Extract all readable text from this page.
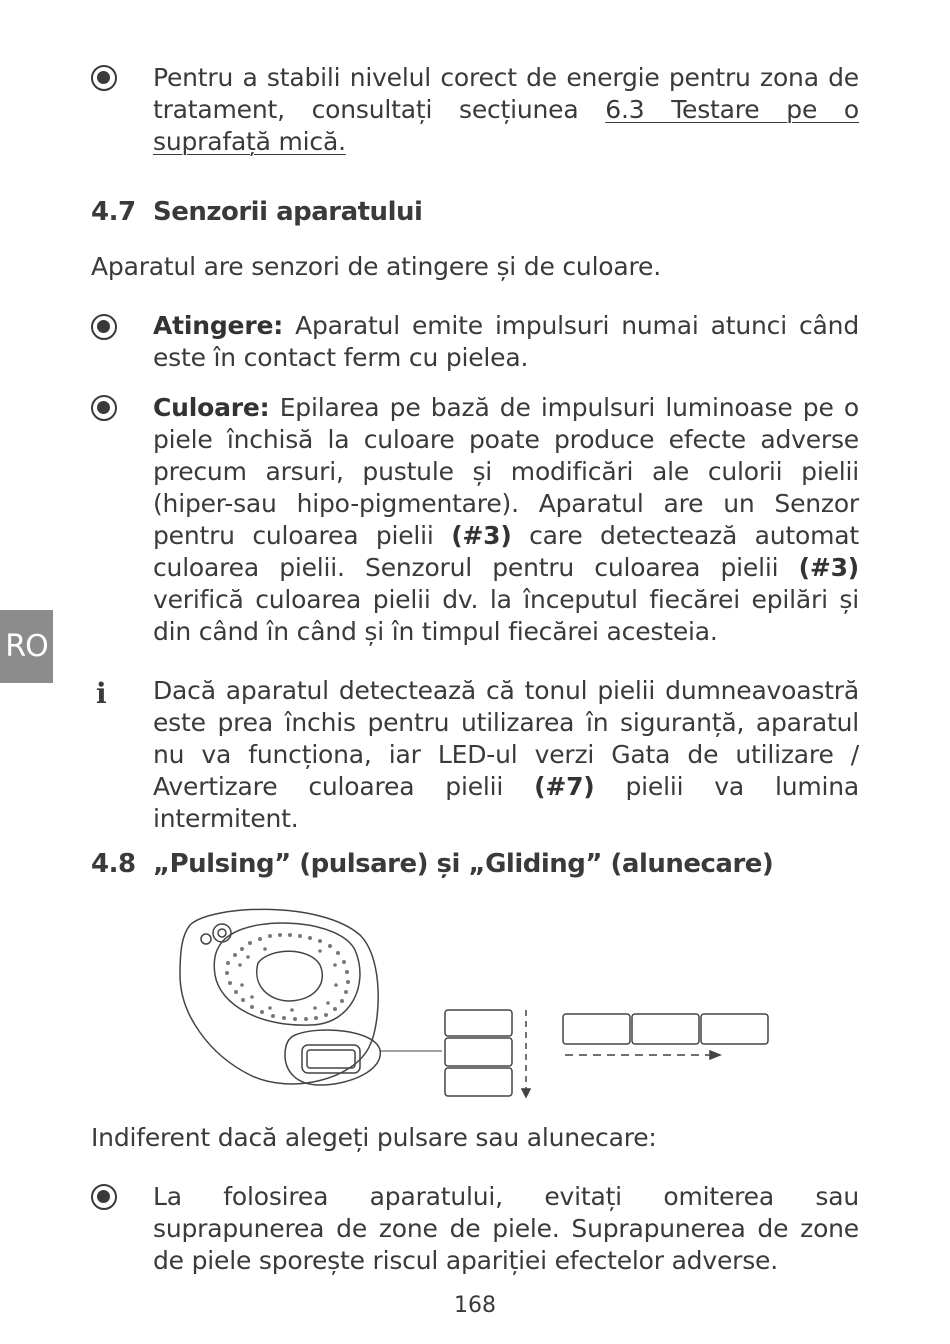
RO

Pentru a stabili nivelul corect de energie pentru zona de tratament, consultați secțiunea 6.3 Testare pe o suprafață mică.

4.7 Senzorii aparatului

Aparatul are senzori de atingere și de culoare.

Atingere: Aparatul emite impulsuri numai atunci când este în contact ferm cu pielea.

Culoare: Epilarea pe bază de impulsuri luminoase pe o piele închisă la culoare poate produce efecte adverse precum arsuri, pustule și modificări ale culorii pielii (hiper-sau hipo-pigmentare). Aparatul are un Senzor pentru culoarea pielii (#3) care detectează automat culoarea pielii. Senzorul pentru culoarea pielii (#3) verifică culoarea pielii dv. la începutul fiecărei epilări și din când în când și în timpul fiecărei acesteia.

i Dacă aparatul detectează că tonul pielii dumneavoastră este prea închis pentru utilizarea în siguranță, aparatul nu va funcționa, iar LED-ul verzi Gata de utilizare / Avertizare culoarea pielii (#7) pielii va lumina intermitent.

4.8 „Pulsing” (pulsare) și „Gliding” (alunecare)

Indiferent dacă alegeți pulsare sau alunecare:

La folosirea aparatului, evitați omiterea sau suprapunerea de zone de piele. Suprapunerea de zone de piele sporește riscul apariției efectelor adverse.

168
